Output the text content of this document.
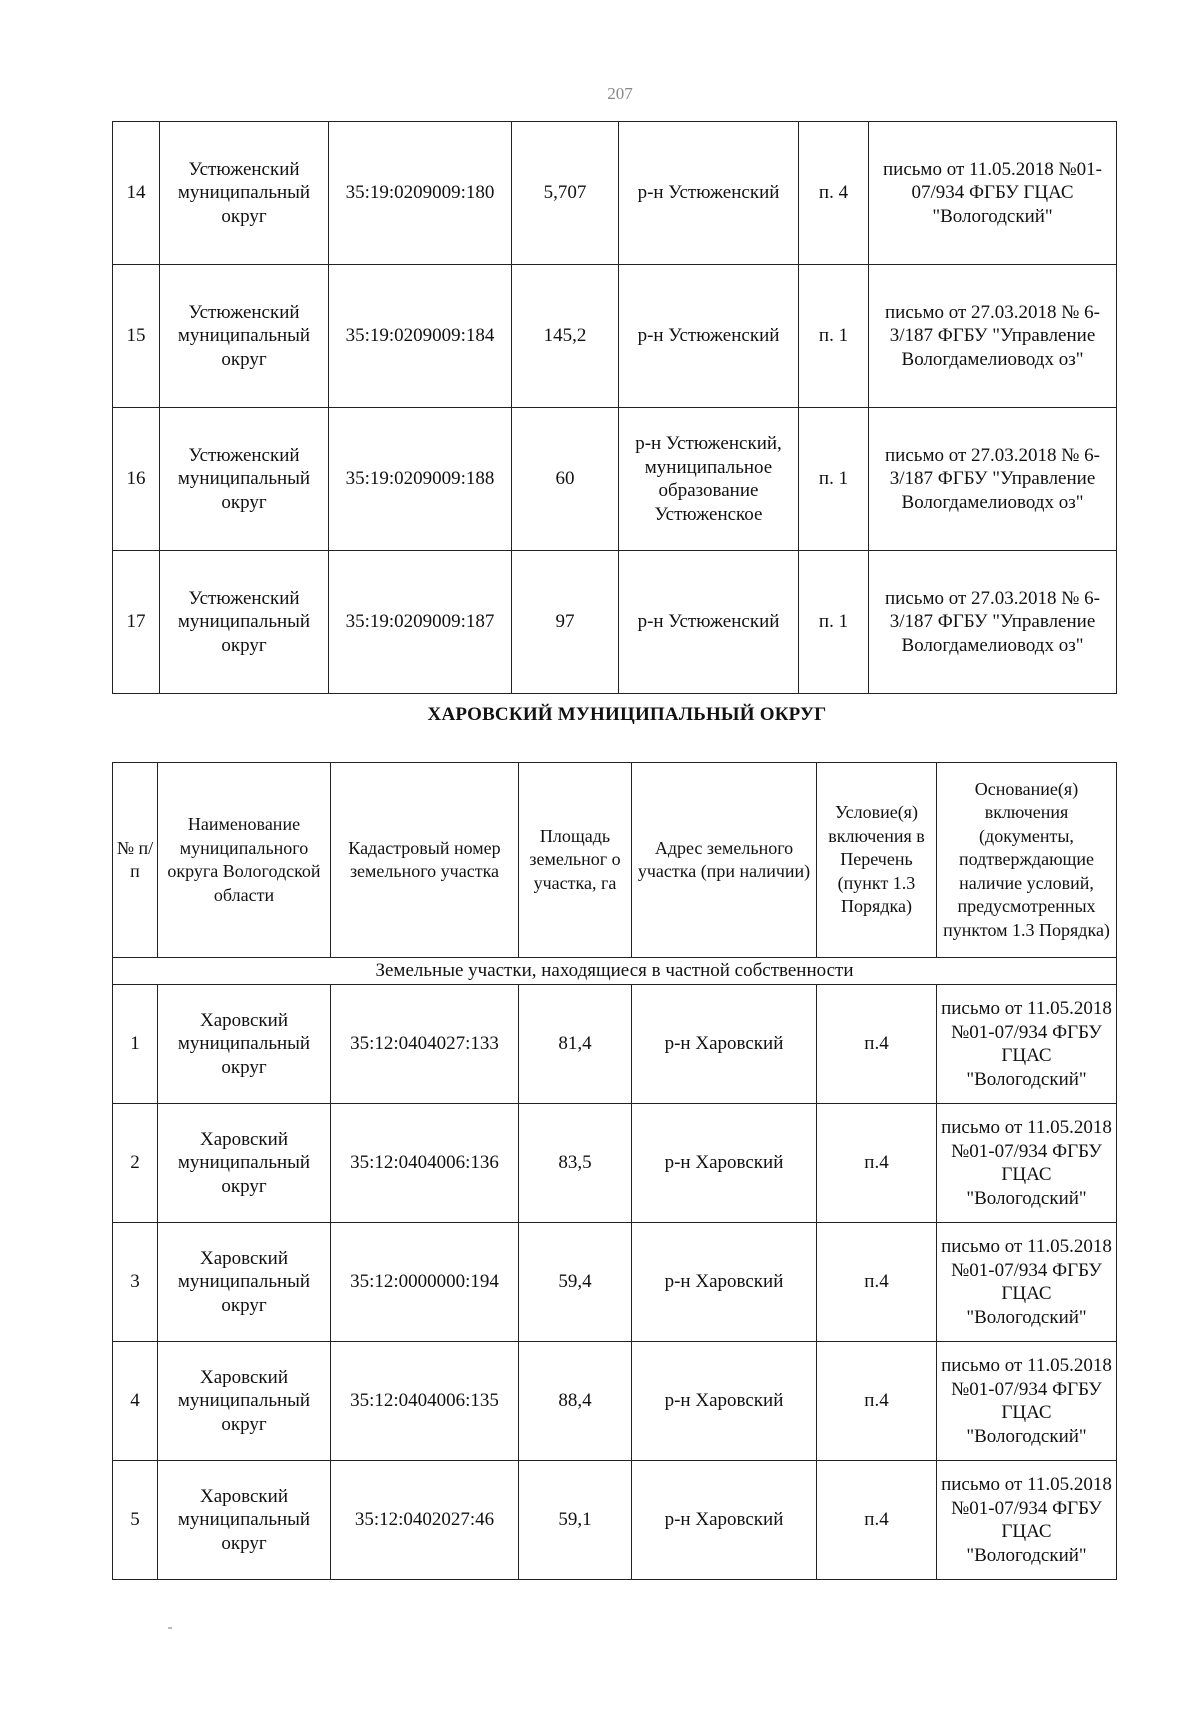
207
14	Устюженский муниципальный округ	35:19:0209009:180	5,707	р-н Устюженский	п. 4	письмо от 11.05.2018 №01-07/934 ФГБУ ГЦАС "Вологодский"
15	Устюженский муниципальный округ	35:19:0209009:184	145,2	р-н Устюженский	п. 1	письмо от 27.03.2018 № 6-3/187 ФГБУ "Управление Вологдамелиоводх оз"
16	Устюженский муниципальный округ	35:19:0209009:188	60	р-н Устюженский, муниципальное образование Устюженское	п. 1	письмо от 27.03.2018 № 6-3/187 ФГБУ "Управление Вологдамелиоводх оз"
17	Устюженский муниципальный округ	35:19:0209009:187	97	р-н Устюженский	п. 1	письмо от 27.03.2018 № 6-3/187 ФГБУ "Управление Вологдамелиоводх оз"
ХАРОВСКИЙ МУНИЦИПАЛЬНЫЙ ОКРУГ
№ п/п	Наименование муниципального округа Вологодской области	Кадастровый номер земельного участка	Площадь земельног о участка, га	Адрес земельного участка (при наличии)	Условие(я) включения в Перечень (пункт 1.3 Порядка)	Основание(я) включения (документы, подтверждающие наличие условий, предусмотренных пунктом 1.3 Порядка)
Земельные участки, находящиеся в частной собственности						
1	Харовский муниципальный округ	35:12:0404027:133	81,4	р-н Харовский	п.4	письмо от 11.05.2018 №01-07/934 ФГБУ ГЦАС "Вологодский"
2	Харовский муниципальный округ	35:12:0404006:136	83,5	р-н Харовский	п.4	письмо от 11.05.2018 №01-07/934 ФГБУ ГЦАС "Вологодский"
3	Харовский муниципальный округ	35:12:0000000:194	59,4	р-н Харовский	п.4	письмо от 11.05.2018 №01-07/934 ФГБУ ГЦАС "Вологодский"
4	Харовский муниципальный округ	35:12:0404006:135	88,4	р-н Харовский	п.4	письмо от 11.05.2018 №01-07/934 ФГБУ ГЦАС "Вологодский"
5	Харовский муниципальный округ	35:12:0402027:46	59,1	р-н Харовский	п.4	письмо от 11.05.2018 №01-07/934 ФГБУ ГЦАС "Вологодский"
